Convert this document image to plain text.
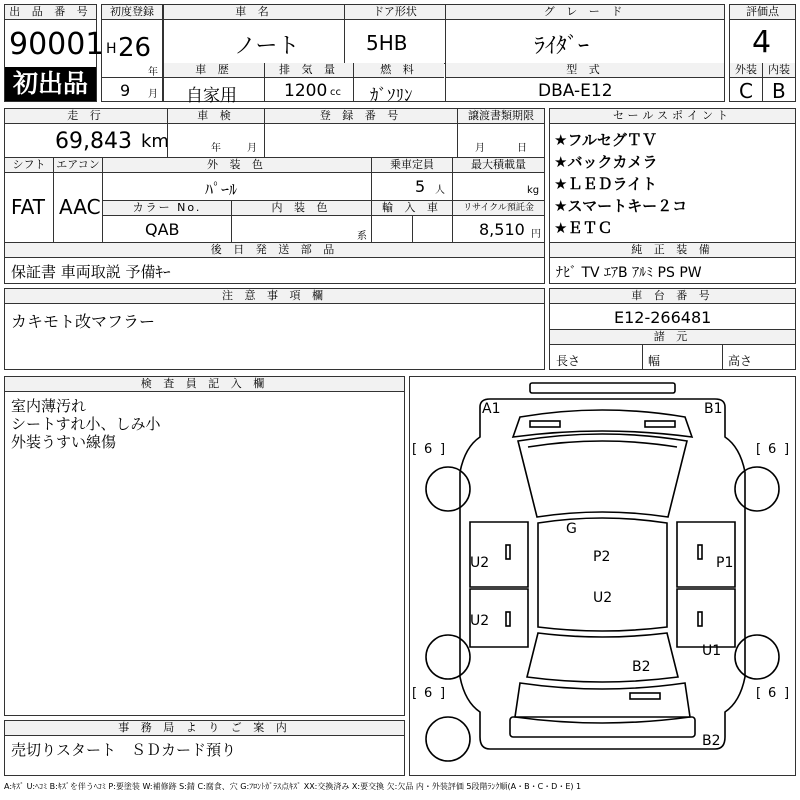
出 品 番 号
90001
初出品
初度登録
H 26
年
9 月
車 名
ノート
ドア形状
5HB
グ レ ー ド
ﾗｲﾀﾞｰ
車 歴
自家用
排 気 量
1200 cc
燃 料
ｶﾞｿﾘﾝ
型 式
DBA-E12
評価点
4
外装	内装
C B
走 行
69,843 km
車 検
年	月
登 録 番 号	譲渡書類期限
月	日
シフト エアコン
FAT AAC
外 装 色
ﾊﾟｰﾙ
乗車定員
5 人
最大積載量
kg
カラー No.
QAB
内 装 色
系
輸 入 車	リサイクル預託金
8,510 円
後 日 発 送 部 品
保証書 車両取説 予備ｷｰ
セールスポイント
★フルセグＴＶ
★バックカメラ
★ＬＥＤライト
★スマートキー２コ
★ＥＴＣ
純 正 装 備
ﾅﾋﾞ TV ｴｱB ｱﾙﾐ PS PW
注 意 事 項 欄
カキモト改マフラー
車 台 番 号
E12-266481
諸 元
長さ	幅	高さ
検 査 員 記 入 欄
室内薄汚れ
シートすれ小、しみ小
外装うすい線傷
事 務 局 よ り ご 案 内
売切りスタート　ＳＤカード預り
A1	B1
G
U2	P2	P1
U2
U2
U1
B2
B2
[ 6 ]	[ 6 ]
[ 6 ]	[ 6 ]
A:ｷｽﾞ U:ﾍｺﾐ B:ｷｽﾞを伴うﾍｺﾐ P:要塗装 W:補修跡 S:錆 C:腐食、穴 G:ﾌﾛﾝﾄｶﾞﾗｽ点ｷｽﾞ XX:交換済み X:要交換 欠:欠品 内・外装評価 5段階ﾗﾝｸ順(A・B・C・D・E) 1
